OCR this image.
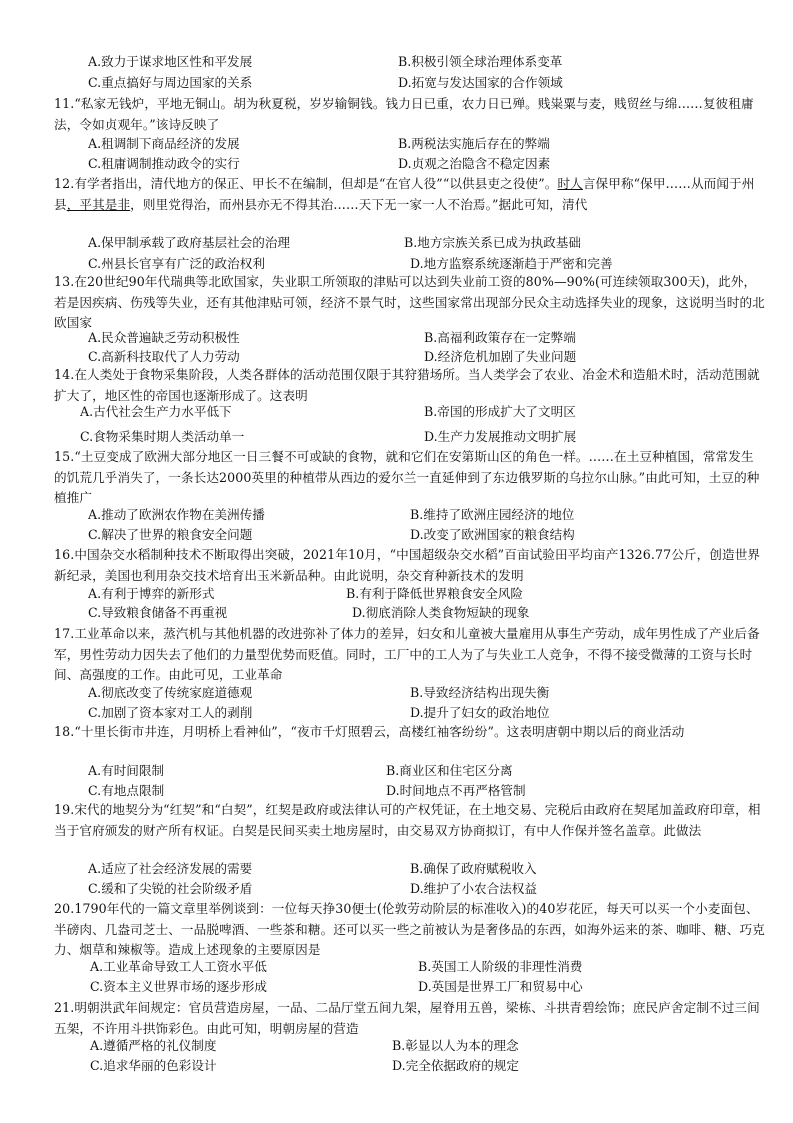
A.致力于谋求地区性和平发展	B.积极引领全球治理体系变革
C.重点搞好与周边国家的关系	D.拓宽与发达国家的合作领域
11.“私家无钱炉，平地无铜山。胡为秋夏税，岁岁输铜钱。钱力日已重，农力日已殚。贱粜粟与麦，贱贸丝与绵……复彼租庸法，令如贞观年。”该诗反映了
A.租调制下商品经济的发展	B.两税法实施后存在的弊端
C.租庸调制推动政令的实行	D.贞观之治隐含不稳定因素
12.有学者指出，清代地方的保正、甲长不在编制，但却是“在官人役”“以供县吏之役使”。时人言保甲称“保甲……从而闻于州县，平其是非，则里党得治，而州县亦无不得其治……天下无一家一人不治焉。”据此可知，清代
A.保甲制承载了政府基层社会的治理	B.地方宗族关系已成为执政基础
C.州县长官享有广泛的政治权利	D.地方监察系统逐渐趋于严密和完善
13.在20世纪90年代瑞典等北欧国家，失业职工所领取的津贴可以达到失业前工资的80%—90%(可连续领取300天)，此外，若是因疾病、伤残等失业，还有其他津贴可领，经济不景气时，这些国家常出现部分民众主动选择失业的现象，这说明当时的北欧国家
A.民众普遍缺乏劳动积极性	B.高福利政策存在一定弊端
C.高新科技取代了人力劳动	D.经济危机加剧了失业问题
14.在人类处于食物采集阶段，人类各群体的活动范围仅限于其狩猎场所。当人类学会了农业、冶金术和造船术时，活动范围就扩大了，地区性的帝国也逐渐形成了。这表明
A.古代社会生产力水平低下	B.帝国的形成扩大了文明区
C.食物采集时期人类活动单一	D.生产力发展推动文明扩展
15.“土豆变成了欧洲大部分地区一日三餐不可或缺的食物，就和它们在安第斯山区的角色一样。……在土豆种植国，常常发生的饥荒几乎消失了，一条长达2000英里的种植带从西边的爱尔兰一直延伸到了东边俄罗斯的乌拉尔山脉。”由此可知，土豆的种植推广
A.推动了欧洲农作物在美洲传播	B.维持了欧洲庄园经济的地位
C.解决了世界的粮食安全问题	D.改变了欧洲国家的粮食结构
16.中国杂交水稻制种技术不断取得出突破，2021年10月，“中国超级杂交水稻”百亩试验田平均亩产1326.77公斤，创造世界新纪录，美国也利用杂交技术培育出玉米新品种。由此说明，杂交育种新技术的发明
A.有利于博弈的新形式	B.有利于降低世界粮食安全风险
C.导致粮食储备不再重视	D.彻底消除人类食物短缺的现象
17.工业革命以来，蒸汽机与其他机器的改进弥补了体力的差异，妇女和儿童被大量雇用从事生产劳动，成年男性成了产业后备军，男性劳动力因失去了他们的力量型优势而贬值。同时，工厂中的工人为了与失业工人竞争，不得不接受微薄的工资与长时间、高强度的工作。由此可见，工业革命
A.彻底改变了传统家庭道德观	B.导致经济结构出现失衡
C.加剧了资本家对工人的剥削	D.提升了妇女的政治地位
18.“十里长街市井连，月明桥上看神仙”，“夜市千灯照碧云，高楼红袖客纷纷”。这表明唐朝中期以后的商业活动
A.有时间限制	B.商业区和住宅区分离
C.有地点限制	D.时间地点不再严格管制
19.宋代的地契分为“红契”和“白契”，红契是政府或法律认可的产权凭证，在土地交易、完税后由政府在契尾加盖政府印章，相当于官府颁发的财产所有权证。白契是民间买卖土地房屋时，由交易双方协商拟订，有中人作保并签名盖章。此做法
A.适应了社会经济发展的需要	B.确保了政府赋税收入
C.缓和了尖锐的社会阶级矛盾	D.维护了小农合法权益
20.1790年代的一篇文章里举例谈到：一位每天挣30便士(伦敦劳动阶层的标准收入)的40岁花匠，每天可以买一个小麦面包、半磅肉、几盎司芝士、一品脱啤酒、一些茶和糖。还可以买一些之前被认为是奢侈品的东西，如海外运来的茶、咖啡、糖、巧克力、烟草和辣椒等。造成上述现象的主要原因是
A.工业革命导致工人工资水平低	B.英国工人阶级的非理性消费
C.资本主义世界市场的逐步形成	D.英国是世界工厂和贸易中心
21.明朝洪武年间规定：官员营造房屋，一品、二品厅堂五间九架，屋脊用五兽，梁栋、斗拱青碧绘饰；庶民庐舍定制不过三间五架，不许用斗拱饰彩色。由此可知，明朝房屋的营造
A.遵循严格的礼仪制度	B.彰显以人为本的理念
C.追求华丽的色彩设计	D.完全依据政府的规定
